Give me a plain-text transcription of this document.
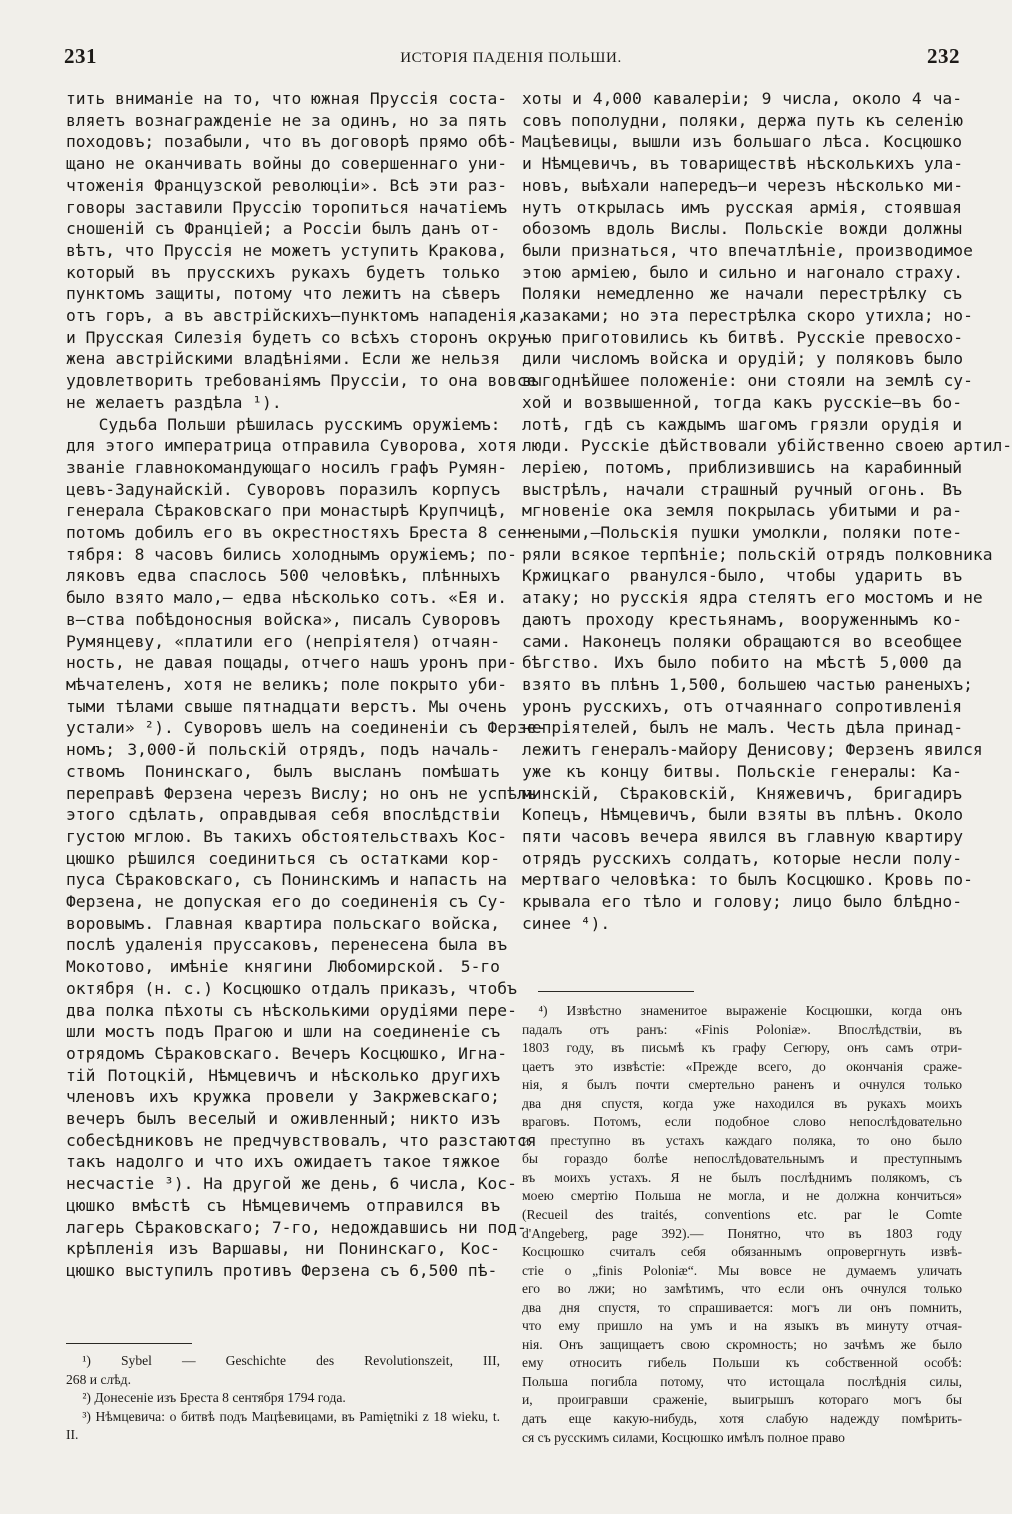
231	ИСТОРІЯ ПАДЕНІЯ ПОЛЬШИ.	232
тить вниманіе на то, что южная Пруссія соста-
вляетъ вознагражденіе не за одинъ, но за пять
походовъ; позабыли, что въ договорѣ прямо обѣ-
щано не оканчивать войны до совершеннаго уни-
чтоженія Французской революціи». Всѣ эти раз-
говоры заставили Пруссію торопиться начатіемъ
сношеній съ Франціей; а Россіи былъ данъ от-
вѣтъ, что Пруссія не можетъ уступить Кракова,
который въ прусскихъ рукахъ будетъ только
пунктомъ защиты, потому что лежитъ на сѣверъ
отъ горъ, а въ австрійскихъ—пунктомъ нападенія,
и Прусская Силезія будетъ со всѣхъ сторонъ окру-
жена австрійскими владѣніями. Если же нельзя
удовлетворить требованіямъ Пруссіи, то она вовсе
не желаетъ раздѣла ¹).
Судьба Польши рѣшилась русскимъ оружіемъ:
для этого императрица отправила Суворова, хотя
званіе главнокомандующаго носилъ графъ Румян-
цевъ-Задунайскій. Суворовъ поразилъ корпусъ
генерала Сѣраковскаго при монастырѣ Крупчицѣ,
потомъ добилъ его въ окрестностяхъ Бреста 8 сен-
тября: 8 часовъ бились холоднымъ оружіемъ; по-
ляковъ едва спаслось 500 человѣкъ, плѣнныхъ
было взято мало,— едва нѣсколько сотъ. «Ея и.
в—ства побѣдоносныя войска», писалъ Суворовъ
Румянцеву, «платили его (непріятеля) отчаян-
ность, не давая пощады, отчего нашъ уронъ при-
мѣчателенъ, хотя не великъ; поле покрыто уби-
тыми тѣлами свыше пятнадцати верстъ. Мы очень
устали» ²). Суворовъ шелъ на соединеніи съ Ферзе-
номъ; 3,000-й польскій отрядъ, подъ началь-
ствомъ Понинскаго, былъ высланъ помѣшать
переправѣ Ферзена черезъ Вислу; но онъ не успѣлъ
этого сдѣлать, оправдывая себя впослѣдствіи
густою мглою. Въ такихъ обстоятельствахъ Кос-
цюшко рѣшился соединиться съ остатками кор-
пуса Сѣраковскаго, съ Понинскимъ и напасть на
Ферзена, не допуская его до соединенія съ Су-
воровымъ. Главная квартира польскаго войска,
послѣ удаленія пруссаковъ, перенесена была въ
Мокотово, имѣніе княгини Любомирской. 5-го
октября (н. с.) Косцюшко отдалъ приказъ, чтобъ
два полка пѣхоты съ нѣсколькими орудіями пере-
шли мостъ подъ Прагою и шли на соединеніе съ
отрядомъ Сѣраковскаго. Вечеръ Косцюшко, Игна-
тій Потоцкій, Нѣмцевичъ и нѣсколько другихъ
членовъ ихъ кружка провели у Закржевскаго;
вечеръ былъ веселый и оживленный; никто изъ
собесѣдниковъ не предчувствовалъ, что разстаются
такъ надолго и что ихъ ожидаетъ такое тяжкое
несчастіе ³). На другой же день, 6 числа, Кос-
цюшко вмѣстѣ съ Нѣмцевичемъ отправился въ
лагерь Сѣраковскаго; 7-го, недождавшись ни под-
крѣпленія изъ Варшавы, ни Понинскаго, Кос-
цюшко выступилъ противъ Ферзена съ 6,500 пѣ-
¹) Sybel — Geschichte des Revolutionszeit, III,
268 и слѣд.
²) Донесеніе изъ Бреста 8 сентября 1794 года.
³) Нѣмцевича: о битвѣ подъ Мацѣевицами, въ Pamiętniki z 18 wieku, t. II.
хоты и 4,000 кавалеріи; 9 числа, около 4 ча-
совъ пополудни, поляки, держа путь къ селенію
Мацѣевицы, вышли изъ большаго лѣса. Косцюшко
и Нѣмцевичъ, въ товариществѣ нѣсколькихъ ула-
новъ, выѣхали напередъ—и черезъ нѣсколько ми-
нутъ открылась имъ русская армія, стоявшая
обозомъ вдоль Вислы. Польскіе вожди должны
были признаться, что впечатлѣніе, производимое
этою арміею, было и сильно и нагонало страху.
Поляки немедленно же начали перестрѣлку съ
казаками; но эта перестрѣлка скоро утихла; но-
чью приготовились къ битвѣ. Русскіе превосхо-
дили числомъ войска и орудій; у поляковъ было
выгоднѣйшее положеніе: они стояли на землѣ су-
хой и возвышенной, тогда какъ русскіе—въ бо-
лотѣ, гдѣ съ каждымъ шагомъ грязли орудія и
люди. Русскіе дѣйствовали убійственно своею артил-
леріею, потомъ, приблизившись на карабинный
выстрѣлъ, начали страшный ручный огонь. Въ
мгновеніе ока земля покрылась убитыми и ра-
неными,—Польскія пушки умолкли, поляки поте-
ряли всякое терпѣніе; польскій отрядъ полковника
Кржицкаго рванулся-было, чтобы ударить въ
атаку; но русскія ядра стелятъ его мостомъ и не
даютъ проходу крестьянамъ, вооруженнымъ ко-
сами. Наконецъ поляки обращаются во всеобщее
бѣгство. Ихъ было побито на мѣстѣ 5,000 да
взято въ плѣнъ 1,500, большею частью раненыхъ;
уронъ русскихъ, отъ отчаяннаго сопротивленія
непріятелей, былъ не малъ. Честь дѣла принад-
лежитъ генералъ-майору Денисову; Ферзенъ явился
уже къ концу битвы. Польскіе генералы: Ка-
минскій, Сѣраковскій, Княжевичъ, бригадиръ
Копецъ, Нѣмцевичъ, были взяты въ плѣнъ. Около
пяти часовъ вечера явился въ главную квартиру
отрядъ русскихъ солдатъ, которые несли полу-
мертваго человѣка: то былъ Косцюшко. Кровь по-
крывала его тѣло и голову; лицо было блѣдно-
синее ⁴).
⁴) Извѣстно знаменитое выраженіе Косцюшки, когда онъ
падалъ отъ ранъ: «Finis Poloniæ». Впослѣдствіи, въ
1803 году, въ письмѣ къ графу Сегюру, онъ самъ отри-
цаетъ это извѣстіе: «Прежде всего, до окончанія сраже-
нія, я былъ почти смертельно раненъ и очнулся только
два дня спустя, когда уже находился въ рукахъ моихъ
враговъ. Потомъ, если подобное слово непослѣдовательно
и преступно въ устахъ каждаго поляка, то оно было
бы гораздо болѣе непослѣдовательнымъ и преступнымъ
въ моихъ устахъ. Я не былъ послѣднимъ полякомъ, съ
моею смертію Польша не могла, и не должна кончиться»
(Recueil des traités, conventions etc. par le Comte
d'Angeberg, page 392).— Понятно, что въ 1803 году
Косцюшко считалъ себя обязаннымъ опровергнуть извѣ-
стіе о „finis Poloniæ“. Мы вовсе не думаемъ уличать
его во лжи; но замѣтимъ, что если онъ очнулся только
два дня спустя, то спрашивается: могъ ли онъ помнить,
что ему пришло на умъ и на языкъ въ минуту отчая-
нія. Онъ защищаетъ свою скромность; но зачѣмъ же было
ему относить гибель Польши къ собственной особѣ:
Польша погибла потому, что истощала послѣднія силы,
и, проигравши сраженіе, выигрышъ котораго могъ бы
дать еще какую-нибудь, хотя слабую надежду помѣрить-
ся съ русскимъ силами, Косцюшко имѣлъ полное право
